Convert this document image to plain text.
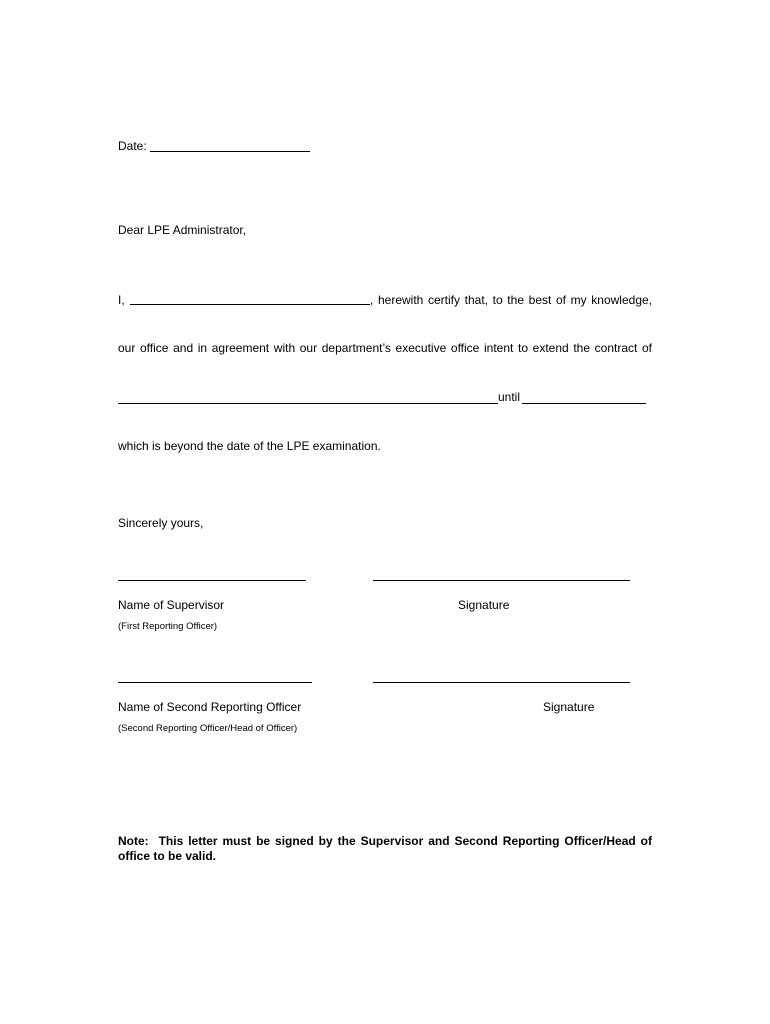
Date:
Dear LPE Administrator,
I,	, herewith certify that, to the best of my knowledge,
our office and in agreement with our department’s executive office intent to extend the contract of
until
which is beyond the date of the LPE examination.
Sincerely yours,
Name of Supervisor	Signature
(First Reporting Officer)
Name of Second Reporting Officer	Signature
(Second Reporting Officer/Head of Officer)
Note: This letter must be signed by the Supervisor and Second Reporting Officer/Head of office to be valid.
